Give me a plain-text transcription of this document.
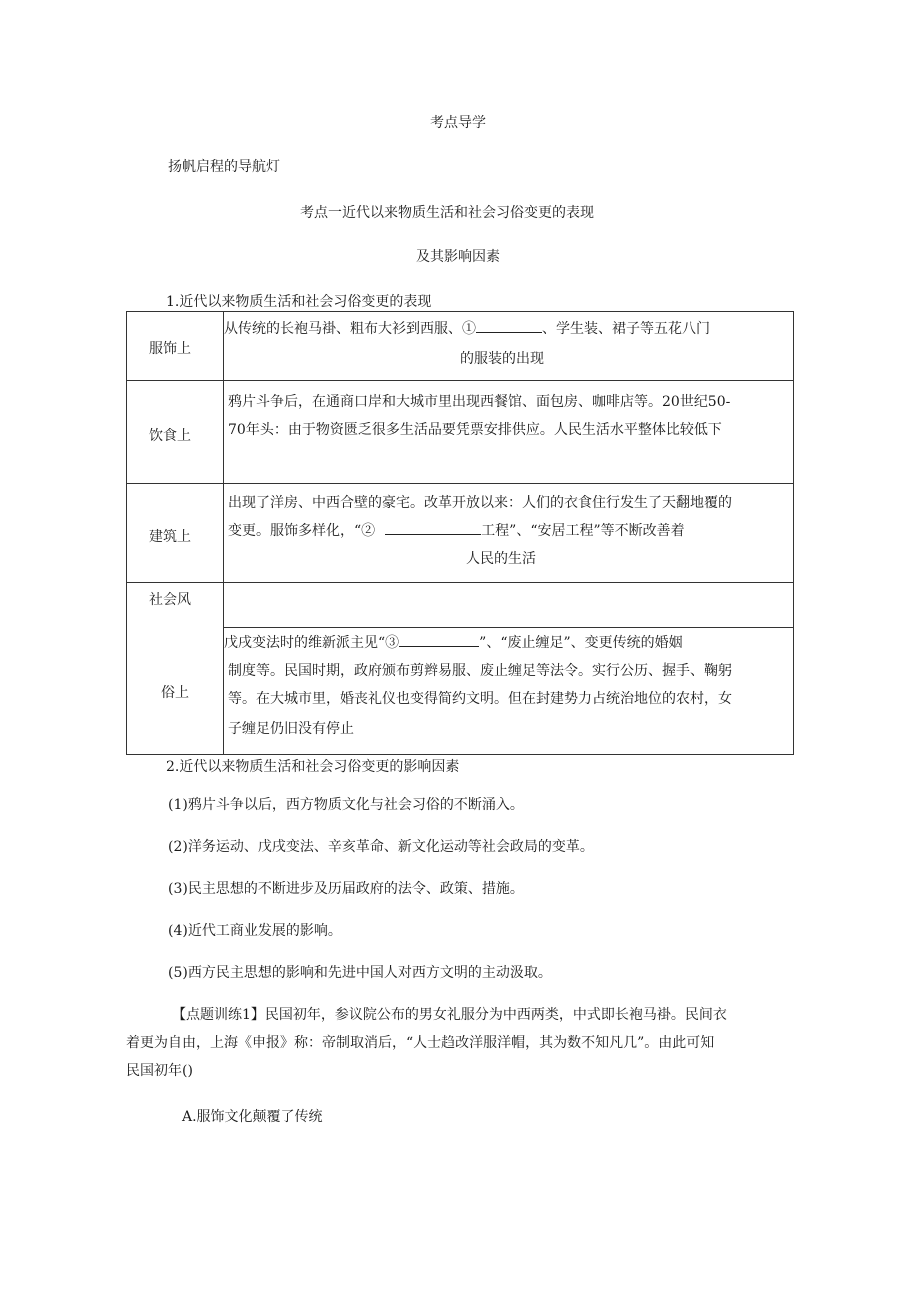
考点导学
扬帆启程的导航灯
考点一近代以来物质生活和社会习俗变更的表现
及其影响因素
1.近代以来物质生活和社会习俗变更的表现
服饰上	从传统的长袍马褂、粗布大衫到西服、① 、学生装、裙子等五花八门
的服装的出现

饮食上	鸦片斗争后，在通商口岸和大城市里出现西餐馆、面包房、咖啡店等。20世纪50-
70年头：由于物资匮乏很多生活品要凭票安排供应。人民生活水平整体比较低下

建筑上	出现了洋房、中西合壁的豪宅。改革开放以来：人们的衣食住行发生了天翻地覆的
变更。服饰多样化，“② 工程”、“安居工程”等不断改善着
人民的生活

社会风	

俗上	戊戌变法时的维新派主见“③ ”、“废止缠足”、变更传统的婚姻
制度等。民国时期，政府颁布剪辫易服、废止缠足等法令。实行公历、握手、鞠躬
等。在大城市里，婚丧礼仪也变得简约文明。但在封建势力占统治地位的农村，女
子缠足仍旧没有停止
2.近代以来物质生活和社会习俗变更的影响因素
(1)鸦片斗争以后，西方物质文化与社会习俗的不断涌入。
(2)洋务运动、戊戌变法、辛亥革命、新文化运动等社会政局的变革。
(3)民主思想的不断进步及历届政府的法令、政策、措施。
(4)近代工商业发展的影响。
(5)西方民主思想的影响和先进中国人对西方文明的主动汲取。
【点题训练1】民国初年，参议院公布的男女礼服分为中西两类，中式即长袍马褂。民间衣
着更为自由，上海《申报》称：帝制取消后，“人士趋改洋服洋帽，其为数不知凡几”。由此可知
民国初年()
A.服饰文化颠覆了传统
